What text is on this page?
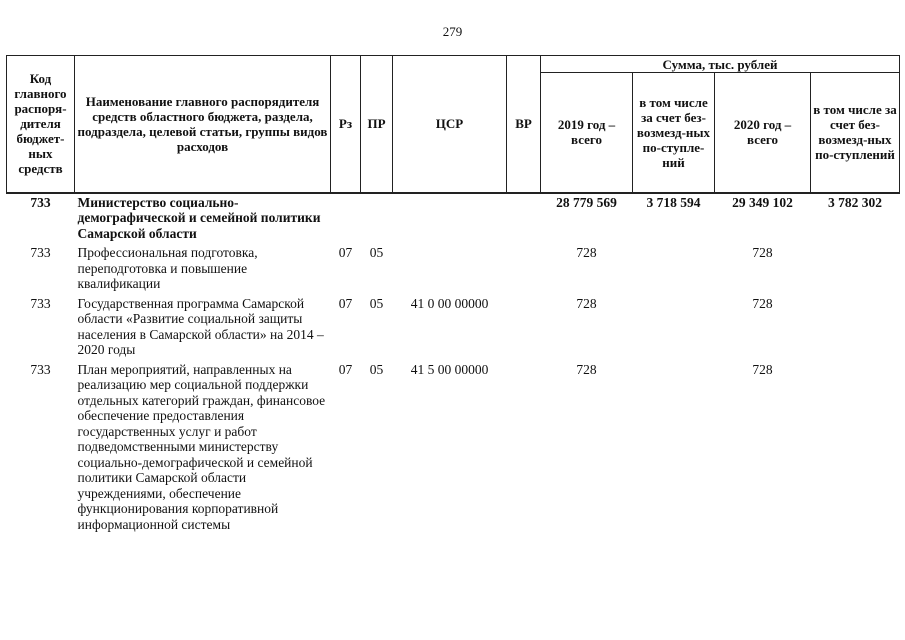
279
Код главного распоря-дителя бюджет-ных средств	Наименование главного распорядителя средств областного бюджета, раздела, подраздела, целевой статьи, группы видов расходов	Рз	ПР	ЦСР	ВР	Сумма, тыс. рублей			
						2019 год – всего	в том числе за счет без-возмезд-ных по-ступле-ний	2020 год – всего	в том числе за счет без-возмезд-ных по-ступлений
733	Министерство социально-демографической и семейной политики Самарской области					28 779 569	3 718 594	29 349 102	3 782 302
733	Профессиональная подготовка, переподготовка и повышение квалификации	07	05			728		728	
733	Государственная программа Самарской области «Развитие социальной защиты населения в Самарской области» на 2014 – 2020 годы	07	05	41 0 00 00000		728		728	
733	План мероприятий, направленных на реализацию мер социальной поддержки отдельных категорий граждан, финансовое обеспечение предоставления государственных услуг и работ подведомственными министерству социально-демографической и семейной политики Самарской области учреждениями, обеспечение функционирования корпоративной информационной системы	07	05	41 5 00 00000		728		728	
